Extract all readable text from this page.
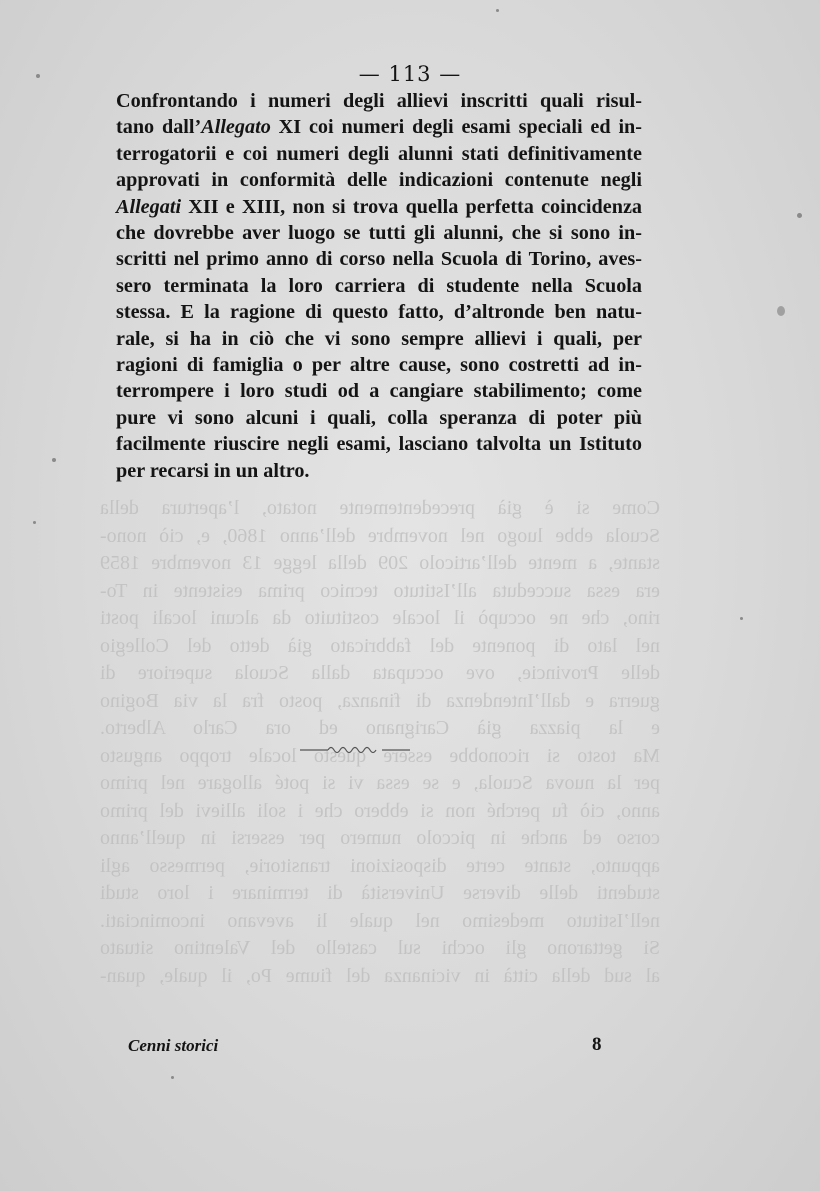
Come si è già precedentemente notato, l’apertura della
Scuola ebbe luogo nel novembre dell’anno 1860, e, ciò nono-
stante, a mente dell’articolo 209 della legge 13 novembre 1859
era essa succeduta all’Istituto tecnico prima esistente in To-
rino, che ne occupò il locale costituito da alcuni locali posti
nel lato di ponente del fabbricato già detto del Collegio
delle Provincie, ove occupata dalla Scuola superiore di
guerra e dall’Intendenza di finanza, posto fra la via Bogino
e la piazza già Carignano ed ora Carlo Alberto.
Ma tosto si riconobbe essere questo locale troppo angusto
per la nuova Scuola, e se essa vi si poté allogare nel primo
anno, ciò fu perché non si ebbero che i soli allievi del primo
corso ed anche in piccolo numero per essersi in quell’anno
appunto, stante certe disposizioni transitorie, permesso agli
studenti delle diverse Università di terminare i loro studi
nell’Istituto medesimo nel quale li avevano incominciati.
Si gettarono gli occhi sul castello del Valentino situato
al sud della città in vicinanza del fiume Po, il quale, quan-
— 113 —
Confrontando i numeri degli allievi inscritti quali risul-
tano dall’Allegato XI coi numeri degli esami speciali ed in-
terrogatorii e coi numeri degli alunni stati definitivamente
approvati in conformità delle indicazioni contenute negli
Allegati XII e XIII, non si trova quella perfetta coincidenza
che dovrebbe aver luogo se tutti gli alunni, che si sono in-
scritti nel primo anno di corso nella Scuola di Torino, aves-
sero terminata la loro carriera di studente nella Scuola
stessa. E la ragione di questo fatto, d’altronde ben natu-
rale, si ha in ciò che vi sono sempre allievi i quali, per
ragioni di famiglia o per altre cause, sono costretti ad in-
terrompere i loro studi od a cangiare stabilimento; come
pure vi sono alcuni i quali, colla speranza di poter più
facilmente riuscire negli esami, lasciano talvolta un Istituto
per recarsi in un altro.
Cenni storici	8
